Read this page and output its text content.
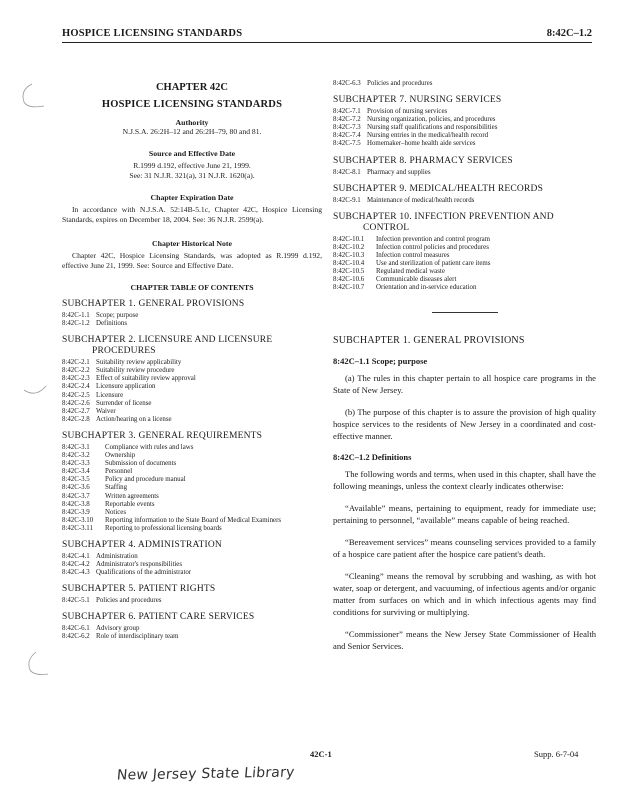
HOSPICE LICENSING STANDARDS	8:42C–1.2
CHAPTER 42C
HOSPICE LICENSING STANDARDS
Authority
N.J.S.A. 26:2H–12 and 26:2H–79, 80 and 81.
Source and Effective Date
R.1999 d.192, effective June 21, 1999.
See: 31 N.J.R. 321(a), 31 N.J.R. 1620(a).
Chapter Expiration Date
In accordance with N.J.S.A. 52:14B-5.1c, Chapter 42C, Hospice Licensing Standards, expires on December 18, 2004. See: 36 N.J.R. 2599(a).
Chapter Historical Note
Chapter 42C, Hospice Licensing Standards, was adopted as R.1999 d.192, effective June 21, 1999. See: Source and Effective Date.
CHAPTER TABLE OF CONTENTS
SUBCHAPTER 1. GENERAL PROVISIONS
8:42C-1.1 Scope; purpose
8:42C-1.2 Definitions
SUBCHAPTER 2. LICENSURE AND LICENSURE
PROCEDURES
8:42C-2.1 Suitability review applicability
8:42C-2.2 Suitability review procedure
8:42C-2.3 Effect of suitability review approval
8:42C-2.4 Licensure application
8:42C-2.5 Licensure
8:42C-2.6 Surrender of license
8:42C-2.7 Waiver
8:42C-2.8 Action/hearing on a license
SUBCHAPTER 3. GENERAL REQUIREMENTS
8:42C-3.1	Compliance with rules and laws
8:42C-3.2	Ownership
8:42C-3.3	Submission of documents
8:42C-3.4	Personnel
8:42C-3.5	Policy and procedure manual
8:42C-3.6	Staffing
8:42C-3.7	Written agreements
8:42C-3.8	Reportable events
8:42C-3.9	Notices
8:42C-3.10	Reporting information to the State Board of Medical Examiners
8:42C-3.11	Reporting to professional licensing boards
SUBCHAPTER 4. ADMINISTRATION
8:42C-4.1 Administration
8:42C-4.2 Administrator's responsibilities
8:42C-4.3 Qualifications of the administrator
SUBCHAPTER 5. PATIENT RIGHTS
8:42C-5.1 Policies and procedures
SUBCHAPTER 6. PATIENT CARE SERVICES
8:42C-6.1 Advisory group
8:42C-6.2 Role of interdisciplinary team
8:42C-6.3 Policies and procedures
SUBCHAPTER 7. NURSING SERVICES
8:42C-7.1 Provision of nursing services
8:42C-7.2 Nursing organization, policies, and procedures
8:42C-7.3 Nursing staff qualifications and responsibilities
8:42C-7.4 Nursing entries in the medical/health record
8:42C-7.5 Homemaker–home health aide services
SUBCHAPTER 8. PHARMACY SERVICES
8:42C-8.1 Pharmacy and supplies
SUBCHAPTER 9. MEDICAL/HEALTH RECORDS
8:42C-9.1 Maintenance of medical/health records
SUBCHAPTER 10. INFECTION PREVENTION AND
CONTROL
8:42C-10.1	Infection prevention and control program
8:42C-10.2	Infection control policies and procedures
8:42C-10.3	Infection control measures
8:42C-10.4	Use and sterilization of patient care items
8:42C-10.5	Regulated medical waste
8:42C-10.6	Communicable diseases alert
8:42C-10.7	Orientation and in-service education
SUBCHAPTER 1. GENERAL PROVISIONS
8:42C–1.1 Scope; purpose
(a) The rules in this chapter pertain to all hospice care programs in the State of New Jersey.
(b) The purpose of this chapter is to assure the provision of high quality hospice services to the residents of New Jersey in a coordinated and cost-effective manner.
8:42C–1.2 Definitions
The following words and terms, when used in this chapter, shall have the following meanings, unless the context clearly indicates otherwise:
“Available” means, pertaining to equipment, ready for immediate use; pertaining to personnel, “available” means capable of being reached.
“Bereavement services” means counseling services provided to a family of a hospice care patient after the hospice care patient's death.
“Cleaning” means the removal by scrubbing and washing, as with hot water, soap or detergent, and vacuuming, of infectious agents and/or organic matter from surfaces on which and in which infectious agents may find conditions for surviving or multiplying.
“Commissioner” means the New Jersey State Commissioner of Health and Senior Services.
42C-1	Supp. 6-7-04
New Jersey State Library
